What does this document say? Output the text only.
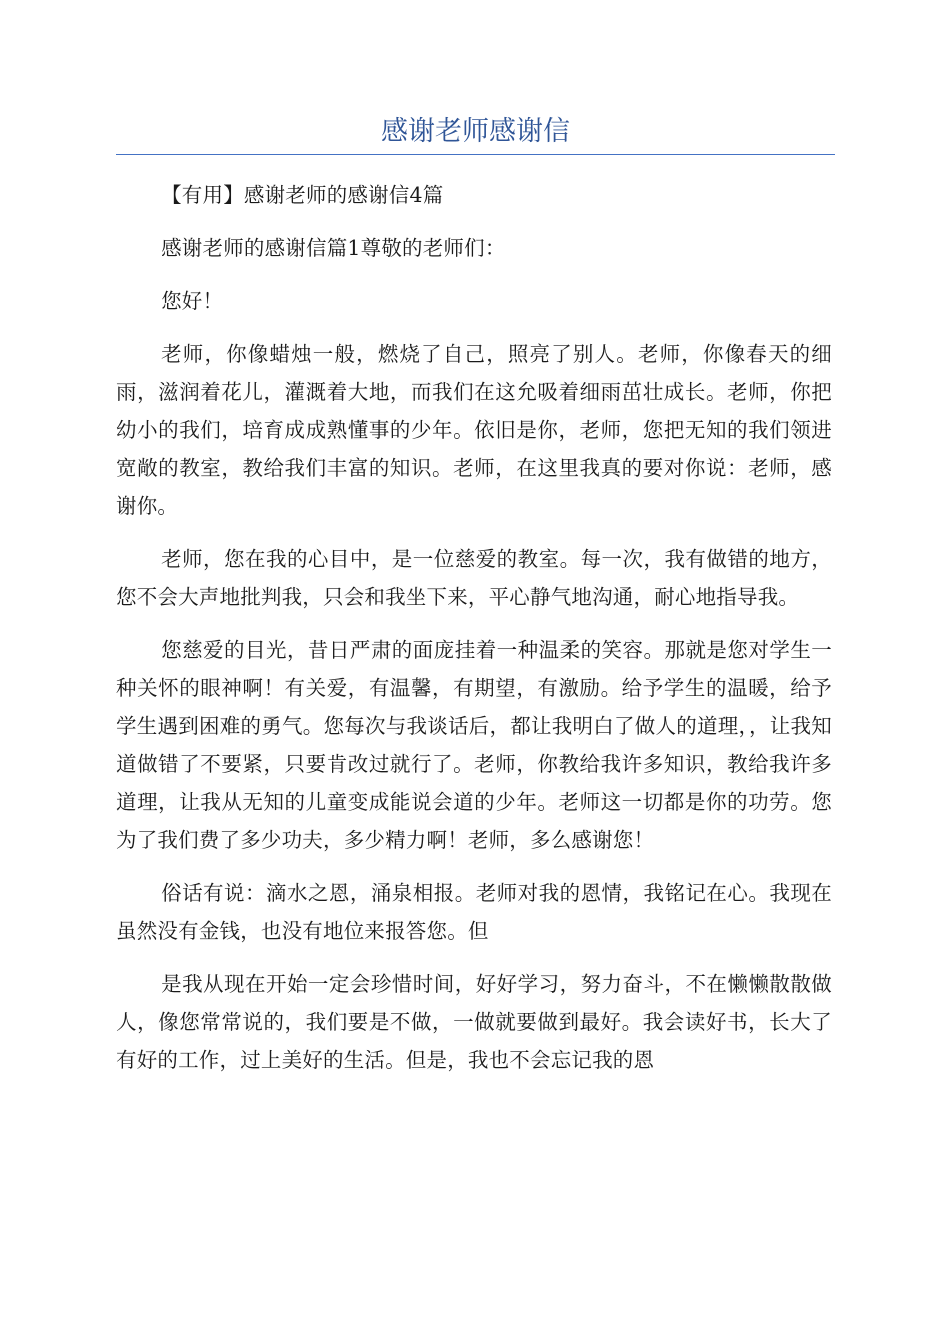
感谢老师感谢信

【有用】感谢老师的感谢信4篇

感谢老师的感谢信篇1尊敬的老师们：

您好！

老师，你像蜡烛一般，燃烧了自己，照亮了别人。老师，你像春天的细雨，滋润着花儿，灌溉着大地，而我们在这允吸着细雨茁壮成长。老师，你把幼小的我们，培育成成熟懂事的少年。依旧是你，老师，您把无知的我们领进宽敞的教室，教给我们丰富的知识。老师，在这里我真的要对你说：老师，感谢你。

老师，您在我的心目中，是一位慈爱的教室。每一次，我有做错的地方，您不会大声地批判我，只会和我坐下来，平心静气地沟通，耐心地指导我。

您慈爱的目光，昔日严肃的面庞挂着一种温柔的笑容。那就是您对学生一种关怀的眼神啊！有关爱，有温馨，有期望，有激励。给予学生的温暖，给予学生遇到困难的勇气。您每次与我谈话后，都让我明白了做人的道理，，让我知道做错了不要紧，只要肯改过就行了。老师，你教给我许多知识，教给我许多道理，让我从无知的儿童变成能说会道的少年。老师这一切都是你的功劳。您为了我们费了多少功夫，多少精力啊！老师，多么感谢您！

俗话有说：滴水之恩，涌泉相报。老师对我的恩情，我铭记在心。我现在虽然没有金钱，也没有地位来报答您。但

是我从现在开始一定会珍惜时间，好好学习，努力奋斗，不在懒懒散散做人，像您常常说的，我们要是不做，一做就要做到最好。我会读好书，长大了有好的工作，过上美好的生活。但是，我也不会忘记我的恩
